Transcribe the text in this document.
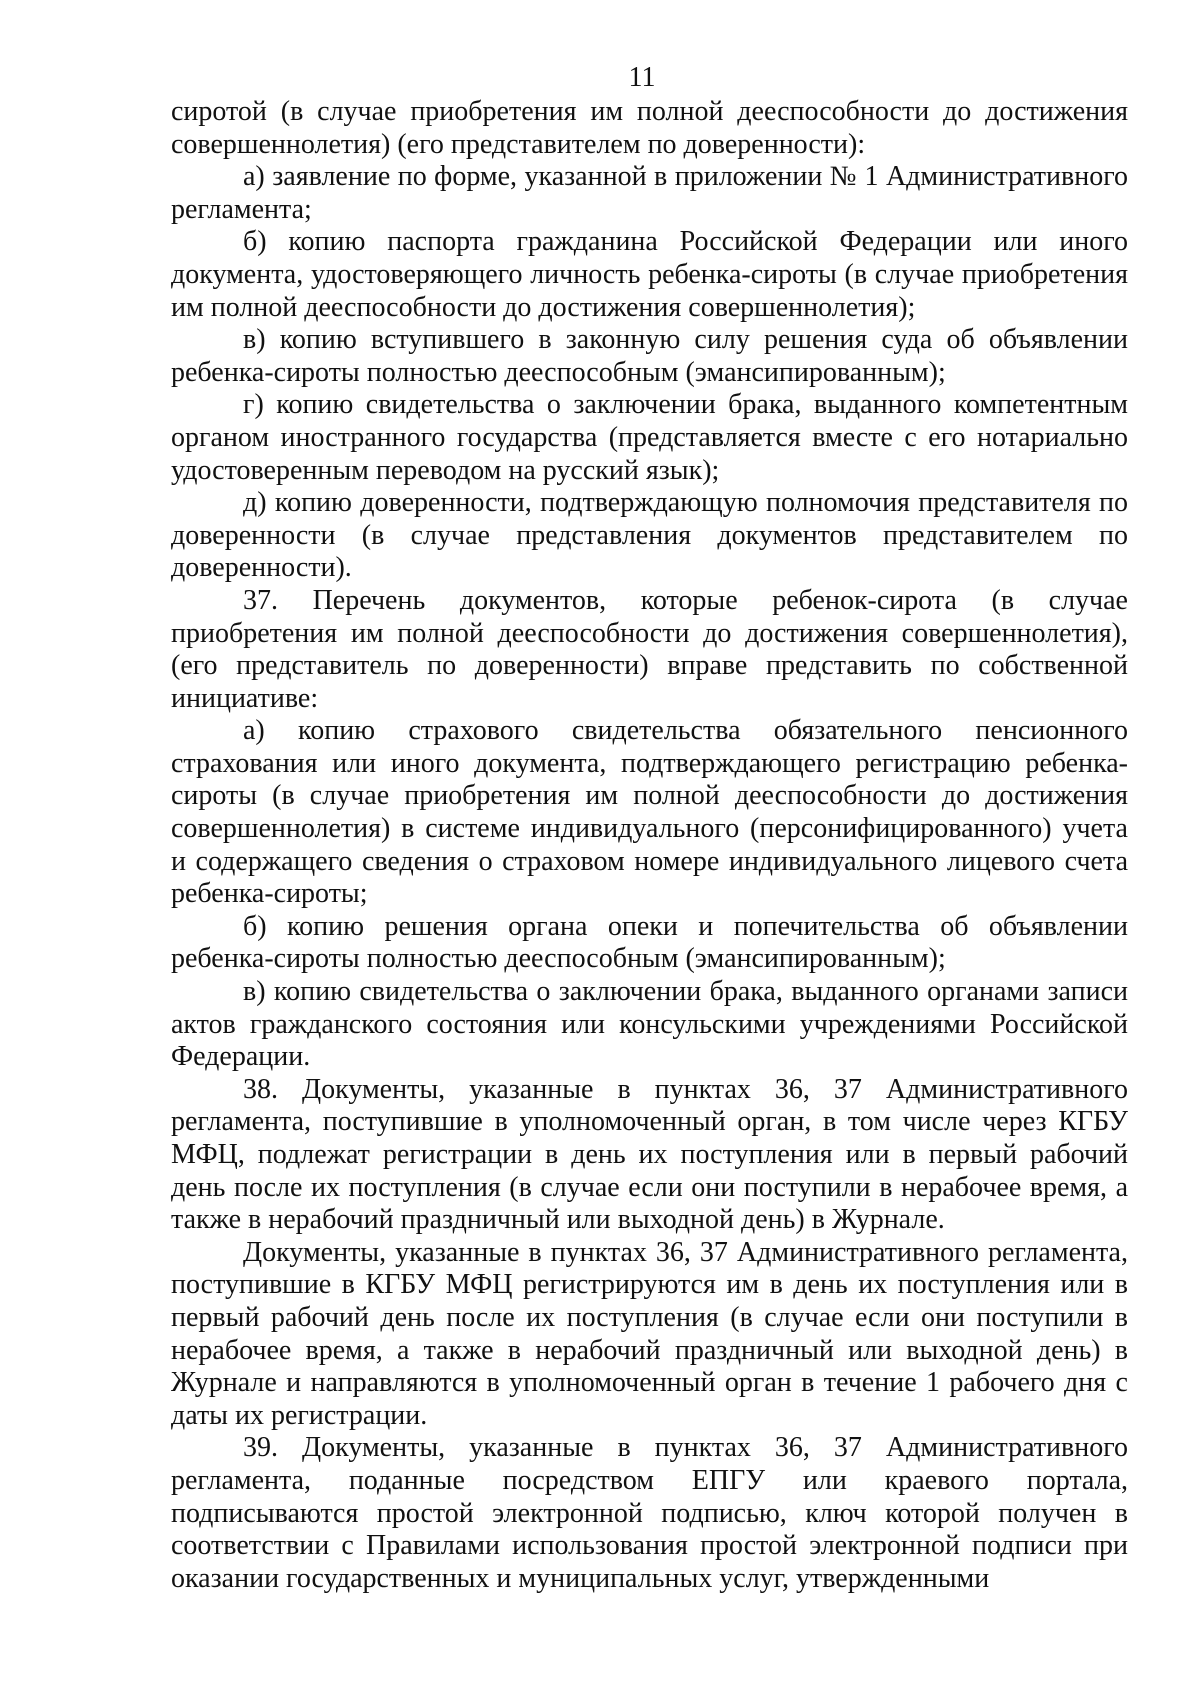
11

сиротой (в случае приобретения им полной дееспособности до достижения совершеннолетия) (его представителем по доверенности):

а) заявление по форме, указанной в приложении № 1 Административного регламента;

б) копию паспорта гражданина Российской Федерации или иного документа, удостоверяющего личность ребенка-сироты (в случае приобретения им полной дееспособности до достижения совершеннолетия);

в) копию вступившего в законную силу решения суда об объявлении ребенка-сироты полностью дееспособным (эмансипированным);

г) копию свидетельства о заключении брака, выданного компетентным органом иностранного государства (представляется вместе с его нотариально удостоверенным переводом на русский язык);

д) копию доверенности, подтверждающую полномочия представителя по доверенности (в случае представления документов представителем по доверенности).

37. Перечень документов, которые ребенок-сирота (в случае приобретения им полной дееспособности до достижения совершеннолетия), (его представитель по доверенности) вправе представить по собственной инициативе:

а) копию страхового свидетельства обязательного пенсионного страхования или иного документа, подтверждающего регистрацию ребенка-сироты (в случае приобретения им полной дееспособности до достижения совершеннолетия) в системе индивидуального (персонифицированного) учета и содержащего сведения о страховом номере индивидуального лицевого счета ребенка-сироты;

б) копию решения органа опеки и попечительства об объявлении ребенка-сироты полностью дееспособным (эмансипированным);

в) копию свидетельства о заключении брака, выданного органами записи актов гражданского состояния или консульскими учреждениями Российской Федерации.

38. Документы, указанные в пунктах 36, 37 Административного регламента, поступившие в уполномоченный орган, в том числе через КГБУ МФЦ, подлежат регистрации в день их поступления или в первый рабочий день после их поступления (в случае если они поступили в нерабочее время, а также в нерабочий праздничный или выходной день) в Журнале.

Документы, указанные в пунктах 36, 37 Административного регламента, поступившие в КГБУ МФЦ регистрируются им в день их поступления или в первый рабочий день после их поступления (в случае если они поступили в нерабочее время, а также в нерабочий праздничный или выходной день) в Журнале и направляются в уполномоченный орган в течение 1 рабочего дня с даты их регистрации.

39. Документы, указанные в пунктах 36, 37 Административного регламента, поданные посредством ЕПГУ или краевого портала, подписываются простой электронной подписью, ключ которой получен в соответствии с Правилами использования простой электронной подписи при оказании государственных и муниципальных услуг, утвержденными
